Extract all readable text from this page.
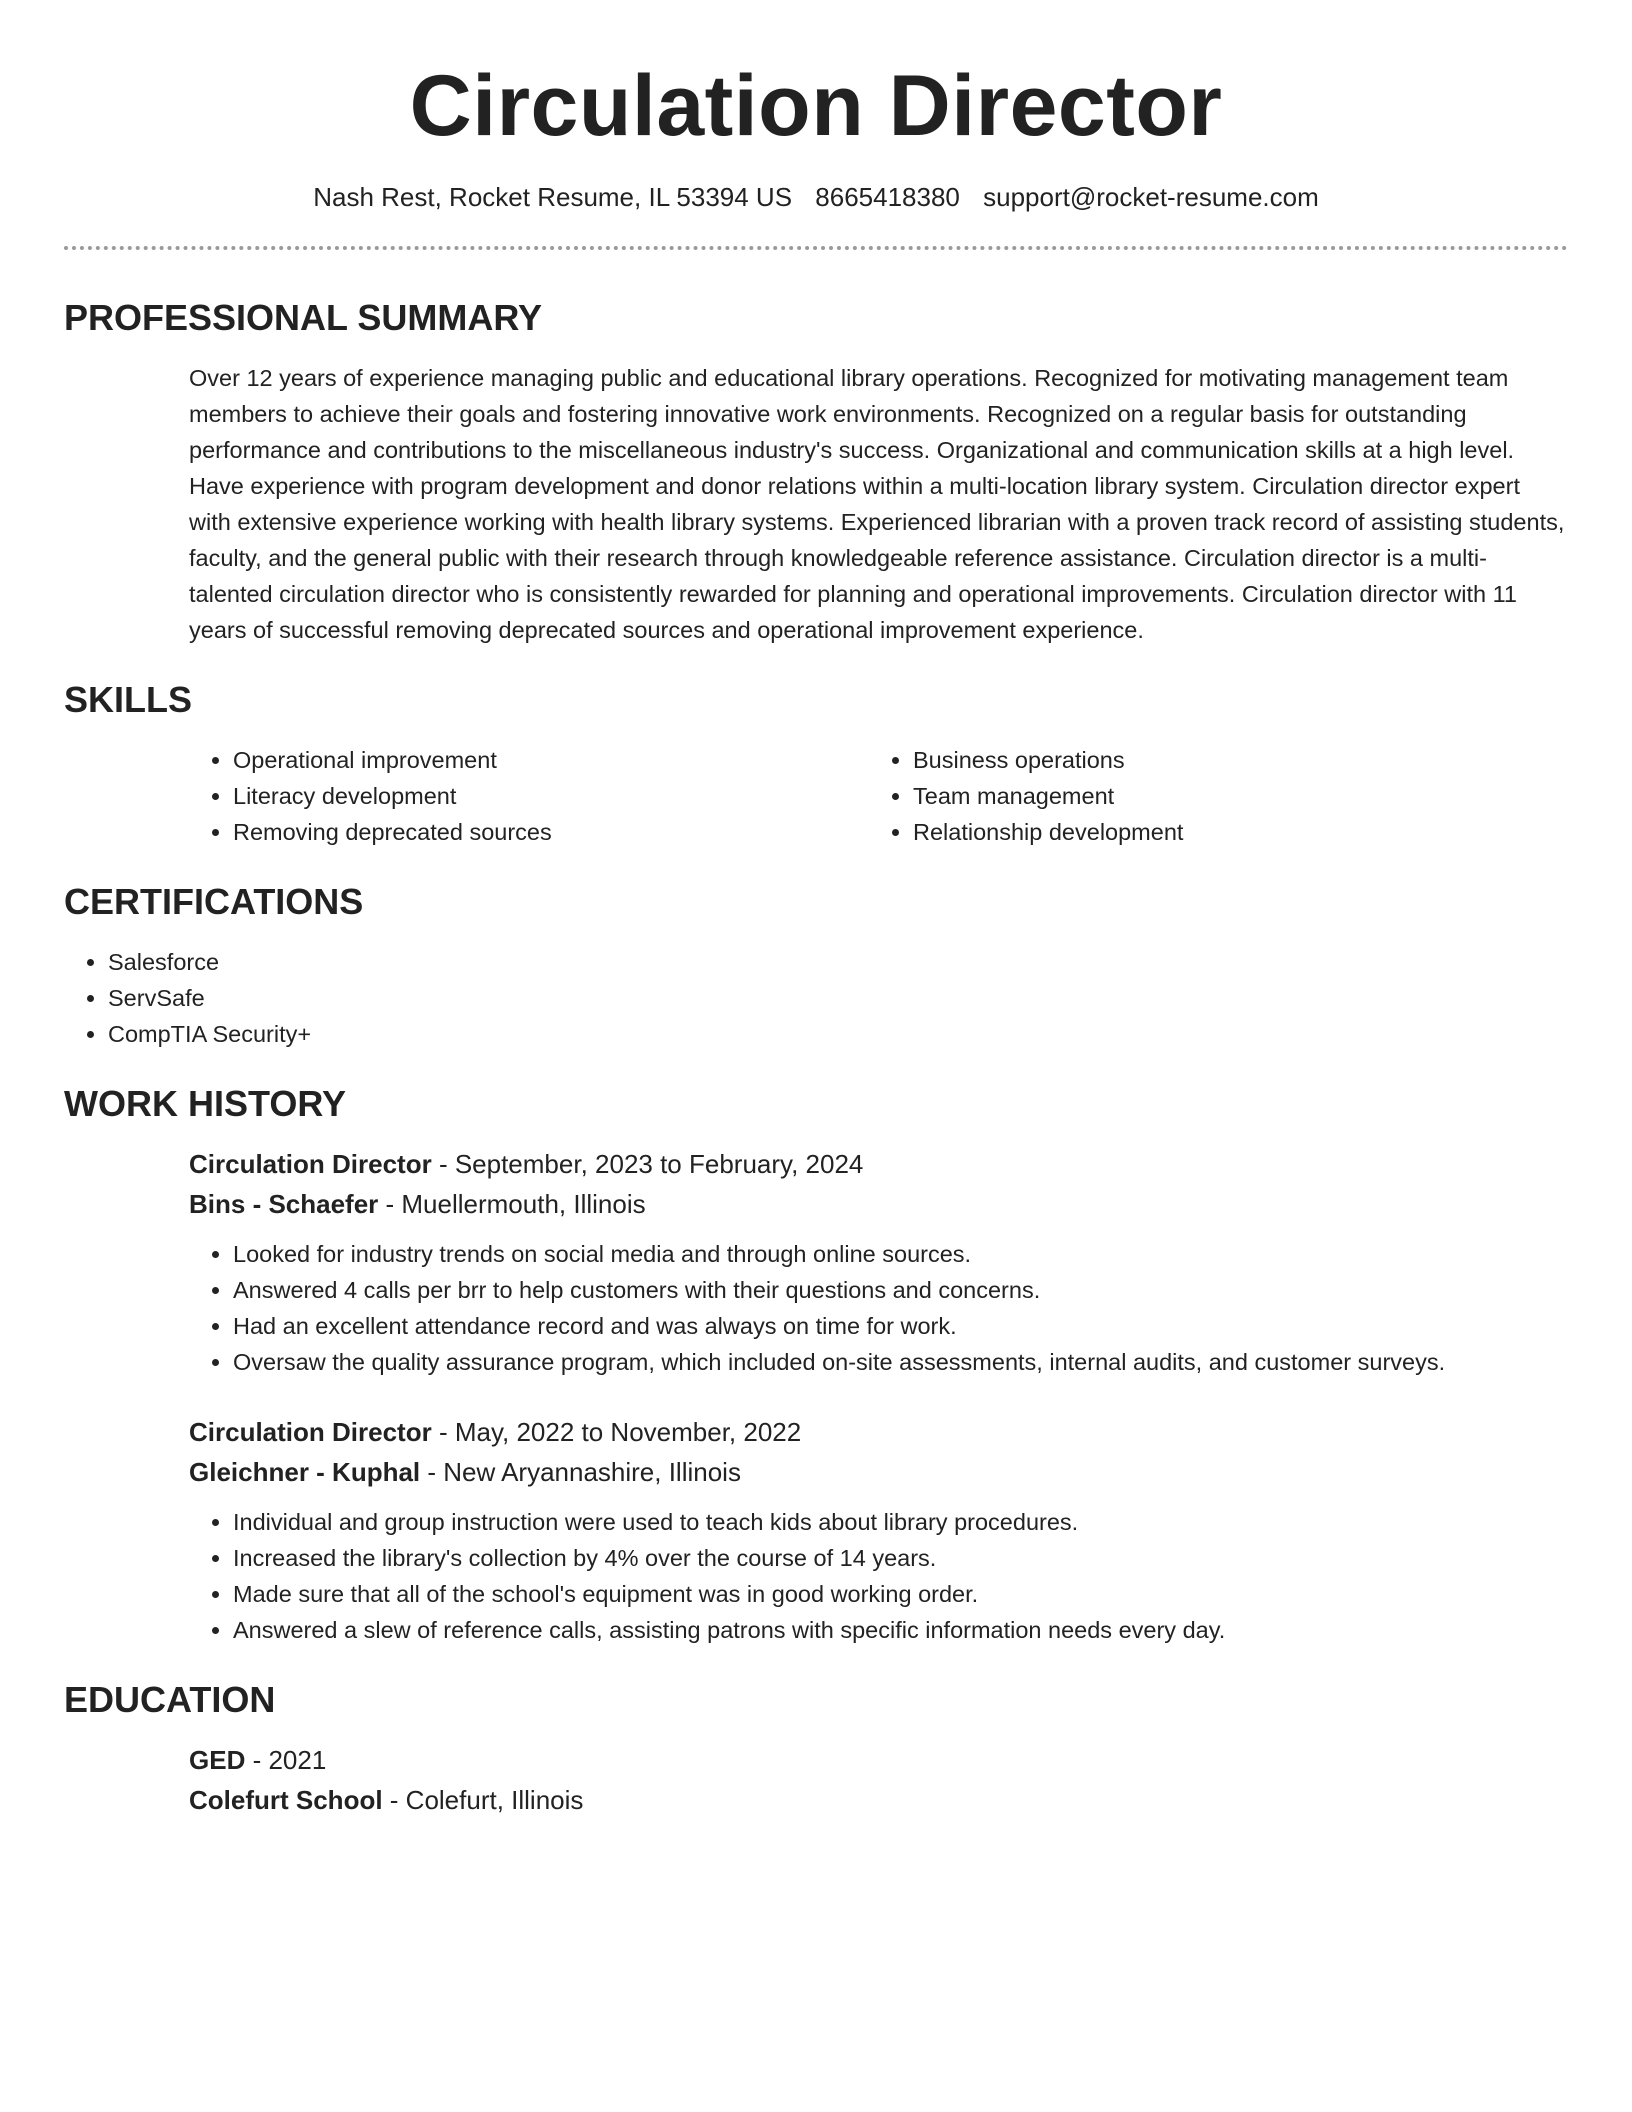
Circulation Director
Nash Rest, Rocket Resume, IL 53394 US 8665418380 support@rocket-resume.com
PROFESSIONAL SUMMARY

Over 12 years of experience managing public and educational library operations. Recognized for motivating management team members to achieve their goals and fostering innovative work environments. Recognized on a regular basis for outstanding performance and contributions to the miscellaneous industry's success. Organizational and communication skills at a high level. Have experience with program development and donor relations within a multi-location library system. Circulation director expert with extensive experience working with health library systems. Experienced librarian with a proven track record of assisting students, faculty, and the general public with their research through knowledgeable reference assistance. Circulation director is a multi-talented circulation director who is consistently rewarded for planning and operational improvements. Circulation director with 11 years of successful removing deprecated sources and operational improvement experience.

SKILLS
• Operational improvement
• Literacy development
• Removing deprecated sources
• Business operations
• Team management
• Relationship development
CERTIFICATIONS
• Salesforce
• ServSafe
• CompTIA Security+
WORK HISTORY
Circulation Director - September, 2023 to February, 2024
Bins - Schaefer - Muellermouth, Illinois
• Looked for industry trends on social media and through online sources.
• Answered 4 calls per brr to help customers with their questions and concerns.
• Had an excellent attendance record and was always on time for work.
• Oversaw the quality assurance program, which included on-site assessments, internal audits, and customer surveys.
Circulation Director - May, 2022 to November, 2022
Gleichner - Kuphal - New Aryannashire, Illinois
• Individual and group instruction were used to teach kids about library procedures.
• Increased the library's collection by 4% over the course of 14 years.
• Made sure that all of the school's equipment was in good working order.
• Answered a slew of reference calls, assisting patrons with specific information needs every day.
EDUCATION
GED - 2021
Colefurt School - Colefurt, Illinois
